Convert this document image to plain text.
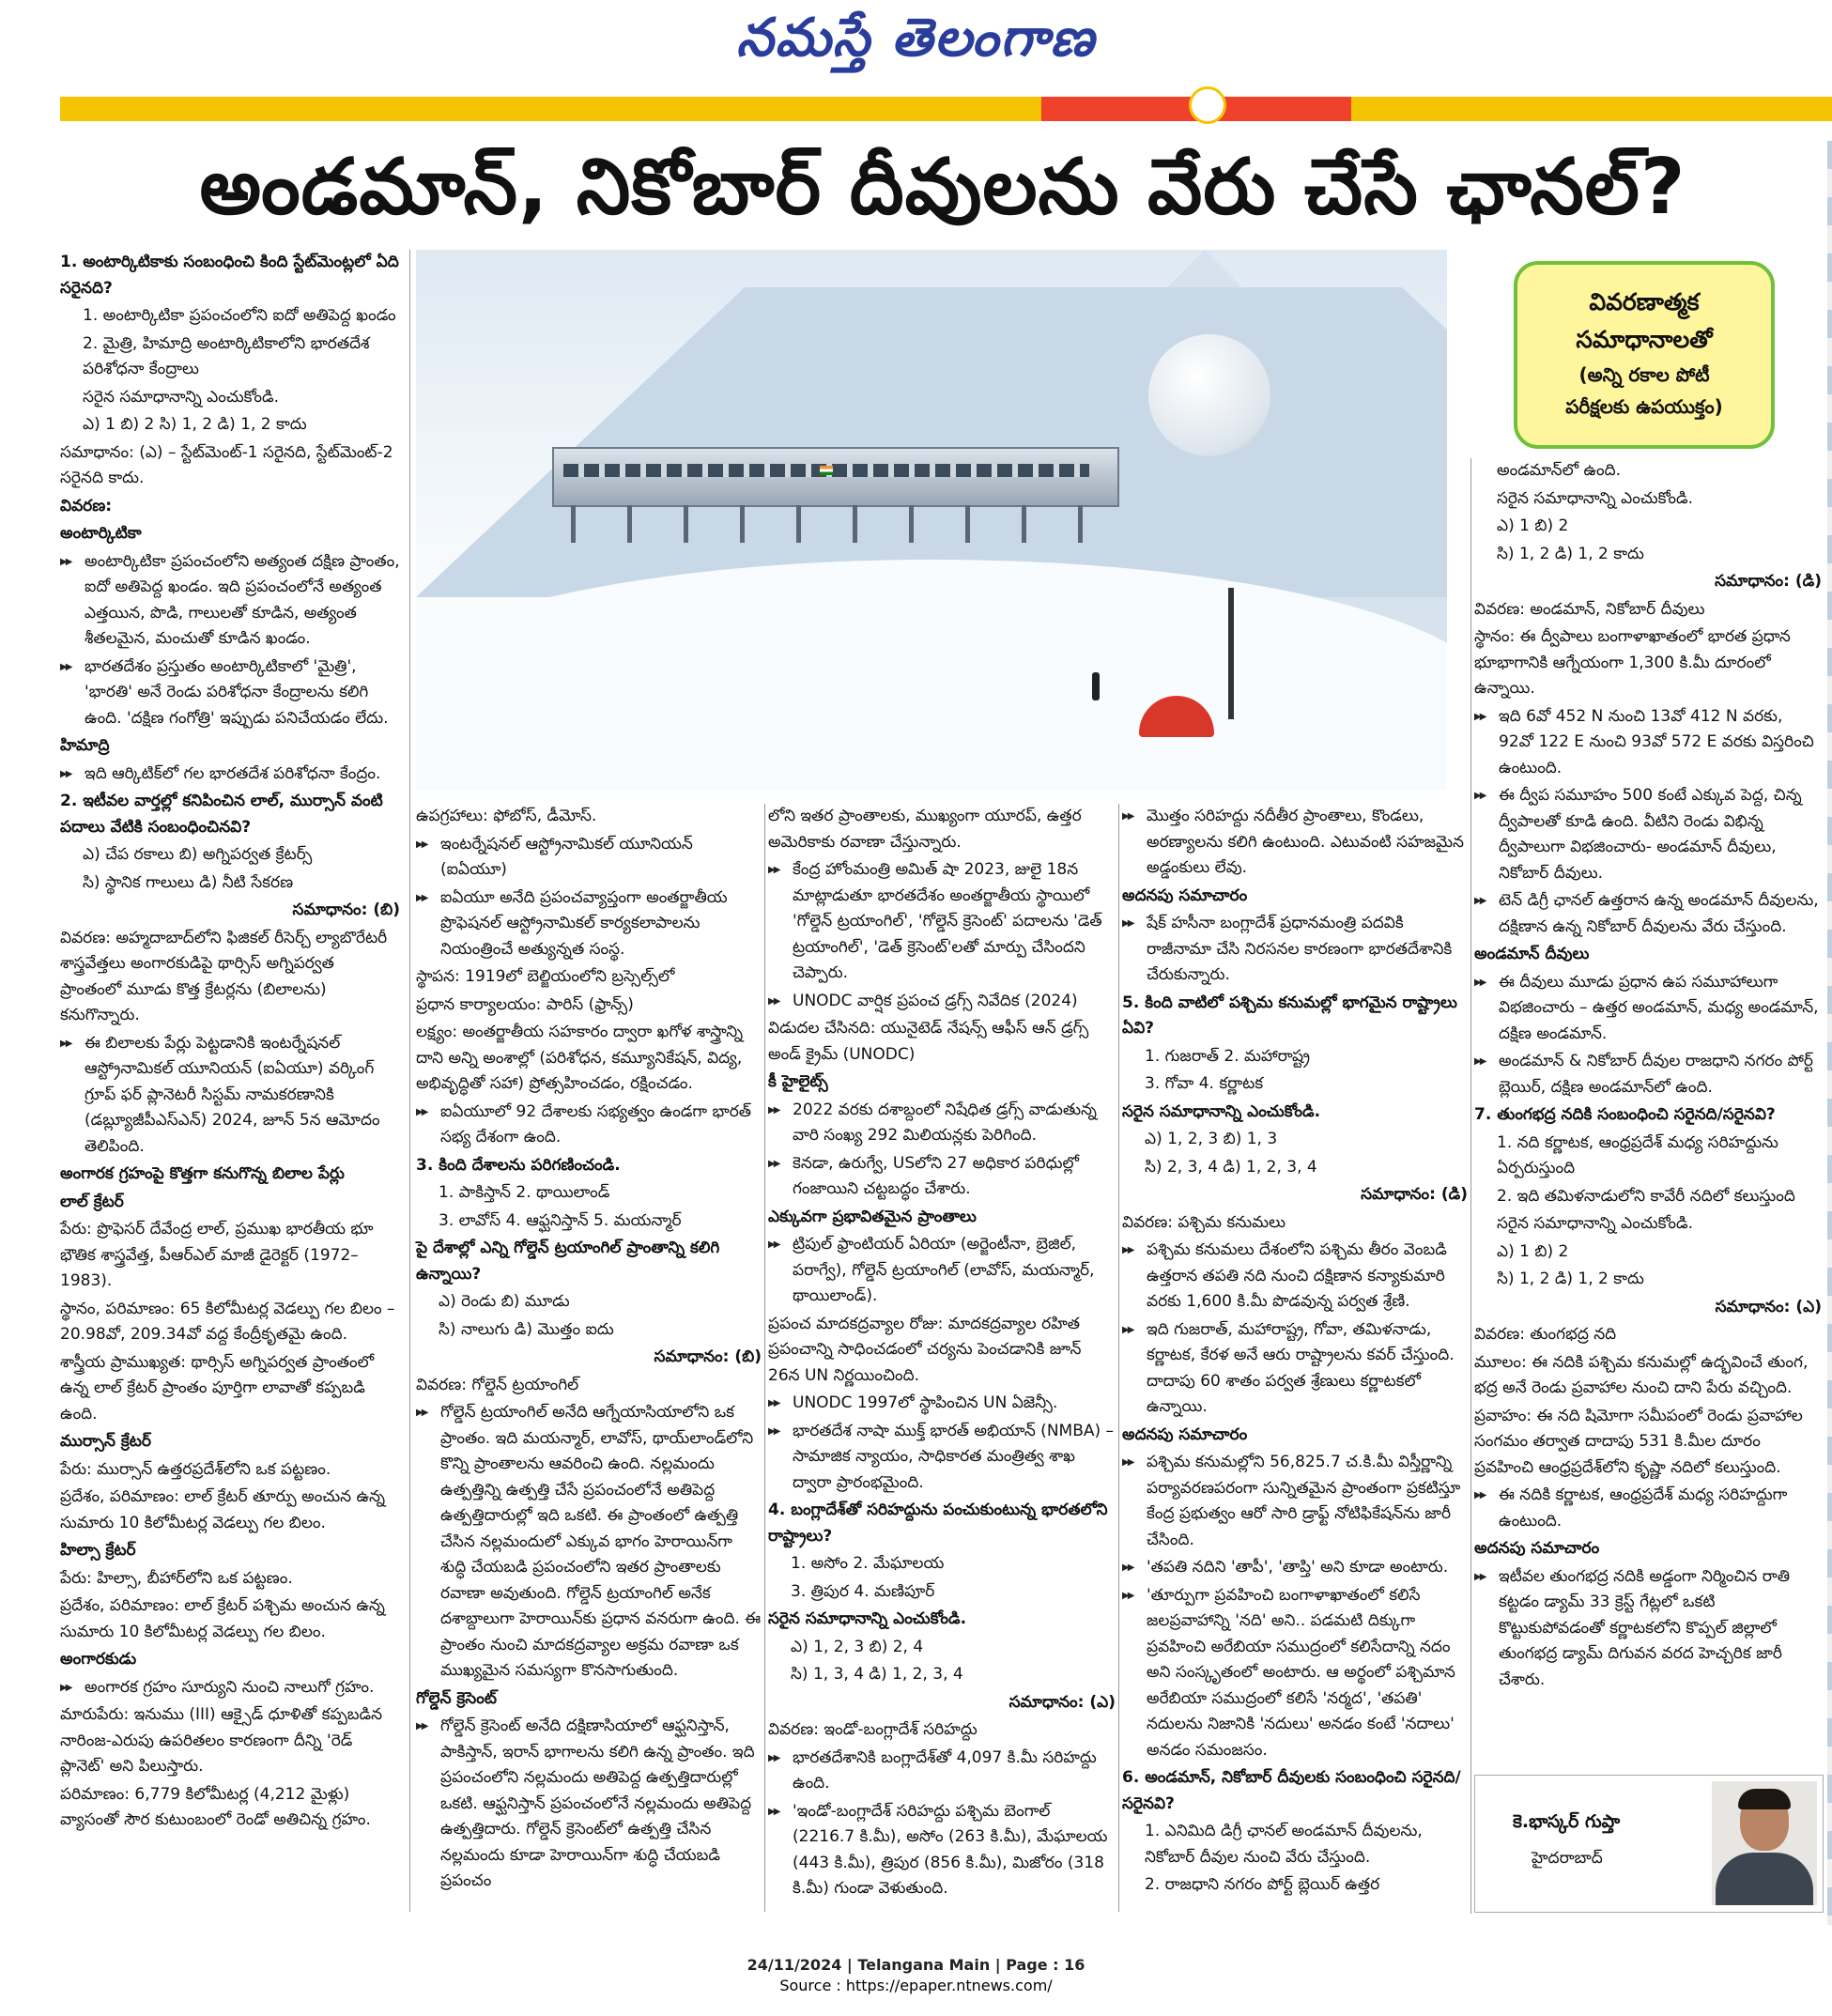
నమస్తే తెలంగాణ
అండమాన్, నికోబార్ దీవులను వేరు చేసే ఛానల్?

1. అంటార్కిటికాకు సంబంధించి కింది స్టేట్‌మెంట్లలో ఏది సరైనది?

1. అంటార్కిటికా ప్రపంచంలోని ఐదో అతిపెద్ద ఖండం

2. మైత్రి, హిమాద్రి అంటార్కిటికాలోని భారతదేశ పరిశోధనా కేంద్రాలు

సరైన సమాధానాన్ని ఎంచుకోండి.

ఎ) 1 బి) 2 సి) 1, 2 డి) 1, 2 కాదు

సమాధానం: (ఎ) – స్టేట్‌మెంట్-1 సరైనది, స్టేట్‌మెంట్-2 సరైనది కాదు.

వివరణ:

అంటార్కిటికా

▶▶ అంటార్కిటికా ప్రపంచంలోని అత్యంత దక్షిణ ప్రాంతం, ఐదో అతిపెద్ద ఖండం. ఇది ప్రపంచంలోనే అత్యంత ఎత్తయిన, పొడి, గాలులతో కూడిన, అత్యంత శీతలమైన, మంచుతో కూడిన ఖండం.

▶▶ భారతదేశం ప్రస్తుతం అంటార్కిటికాలో 'మైత్రి', 'భారతి' అనే రెండు పరిశోధనా కేంద్రాలను కలిగి ఉంది. 'దక్షిణ గంగోత్రి' ఇప్పుడు పనిచేయడం లేదు.

హిమాద్రి

▶▶ ఇది ఆర్కిటిక్‌లో గల భారతదేశ పరిశోధనా కేంద్రం.

2. ఇటీవల వార్తల్లో కనిపించిన లాల్, ముర్సాన్ వంటి పదాలు వేటికి సంబంధించినవి?

ఎ) చేప రకాలు బి) అగ్నిపర్వత క్రేటర్స్

సి) స్థానిక గాలులు డి) నీటి సేకరణ

సమాధానం: (బి)

వివరణ: అహ్మదాబాద్‌లోని ఫిజికల్ రీసెర్చ్ ల్యాబొరేటరీ శాస్త్రవేత్తలు అంగారకుడిపై థార్సిస్ అగ్నిపర్వత ప్రాంతంలో మూడు కొత్త క్రేటర్లను (బిలాలను) కనుగొన్నారు.

▶▶ ఈ బిలాలకు పేర్లు పెట్టడానికి ఇంటర్నేషనల్ ఆస్ట్రోనామికల్ యూనియన్ (ఐఏయూ) వర్కింగ్ గ్రూప్ ఫర్ ప్లానెటరీ సిస్టమ్ నామకరణానికి (డబ్ల్యూజీపీఎస్‌ఎన్) 2024, జూన్ 5న ఆమోదం తెలిపింది.

అంగారక గ్రహంపై కొత్తగా కనుగొన్న బిలాల పేర్లు

లాల్ క్రేటర్

పేరు: ప్రొఫెసర్ దేవేంద్ర లాల్, ప్రముఖ భారతీయ భూ భౌతిక శాస్త్రవేత్త, పీఆర్‌ఎల్ మాజీ డైరెక్టర్ (1972–1983).

స్థానం, పరిమాణం: 65 కిలోమీటర్ల వెడల్పు గల బిలం –20.98వో, 209.34వో వద్ద కేంద్రీకృతమై ఉంది.

శాస్త్రీయ ప్రాముఖ్యత: థార్సిస్ అగ్నిపర్వత ప్రాంతంలో ఉన్న లాల్ క్రేటర్ ప్రాంతం పూర్తిగా లావాతో కప్పబడి ఉంది.

ముర్సాన్ క్రేటర్

పేరు: ముర్సాన్ ఉత్తరప్రదేశ్‌లోని ఒక పట్టణం.

ప్రదేశం, పరిమాణం: లాల్ క్రేటర్ తూర్పు అంచున ఉన్న సుమారు 10 కిలోమీటర్ల వెడల్పు గల బిలం.

హిల్సా క్రేటర్

పేరు: హిల్సా, బీహార్‌లోని ఒక పట్టణం.

ప్రదేశం, పరిమాణం: లాల్ క్రేటర్ పశ్చిమ అంచున ఉన్న సుమారు 10 కిలోమీటర్ల వెడల్పు గల బిలం.

అంగారకుడు

▶▶ అంగారక గ్రహం సూర్యుని నుంచి నాలుగో గ్రహం.

మారుపేరు: ఇనుము (III) ఆక్సైడ్ ధూళితో కప్పబడిన నారింజ-ఎరుపు ఉపరితలం కారణంగా దీన్ని 'రెడ్ ప్లానెట్' అని పిలుస్తారు.

పరిమాణం: 6,779 కిలోమీటర్ల (4,212 మైళ్లు) వ్యాసంతో సౌర కుటుంబంలో రెండో అతిచిన్న గ్రహం.

వివరణాత్మక
సమాధానాలతో
(అన్ని రకాల పోటీ
పరీక్షలకు ఉపయుక్తం)

ఉపగ్రహాలు: ఫోబోస్, డీమోస్.

▶▶ ఇంటర్నేషనల్ ఆస్ట్రోనామికల్ యూనియన్ (ఐఏయూ)

▶▶ ఐఏయూ అనేది ప్రపంచవ్యాప్తంగా అంతర్జాతీయ ప్రొఫెషనల్ ఆస్ట్రోనామికల్ కార్యకలాపాలను నియంత్రించే అత్యున్నత సంస్థ.

స్థాపన: 1919లో బెల్జియంలోని బ్రస్సెల్స్‌లో

ప్రధాన కార్యాలయం: పారిస్ (ఫ్రాన్స్)

లక్ష్యం: అంతర్జాతీయ సహకారం ద్వారా ఖగోళ శాస్త్రాన్ని దాని అన్ని అంశాల్లో (పరిశోధన, కమ్యూనికేషన్, విద్య, అభివృద్ధితో సహా) ప్రోత్సహించడం, రక్షించడం.

▶▶ ఐఏయూలో 92 దేశాలకు సభ్యత్వం ఉండగా భారత్ సభ్య దేశంగా ఉంది.

3. కింది దేశాలను పరిగణించండి.

1. పాకిస్తాన్ 2. థాయిలాండ్

3. లావోస్ 4. ఆఫ్ఘనిస్తాన్ 5. మయన్మార్

పై దేశాల్లో ఎన్ని గోల్డెన్ ట్రయాంగిల్ ప్రాంతాన్ని కలిగి ఉన్నాయి?

ఎ) రెండు బి) మూడు

సి) నాలుగు డి) మొత్తం ఐదు

సమాధానం: (బి)

వివరణ: గోల్డెన్ ట్రయాంగిల్

▶▶ గోల్డెన్ ట్రయాంగిల్ అనేది ఆగ్నేయాసియాలోని ఒక ప్రాంతం. ఇది మయన్మార్, లావోస్, థాయ్‌లాండ్‌లోని కొన్ని ప్రాంతాలను ఆవరించి ఉంది. నల్లమందు ఉత్పత్తిన్ని ఉత్పత్తి చేసే ప్రపంచంలోనే అతిపెద్ద ఉత్పత్తిదారుల్లో ఇది ఒకటి. ఈ ప్రాంతంలో ఉత్పత్తి చేసిన నల్లమందులో ఎక్కువ భాగం హెరాయిన్‌గా శుద్ధి చేయబడి ప్రపంచంలోని ఇతర ప్రాంతాలకు రవాణా అవుతుంది. గోల్డెన్ ట్రయాంగిల్ అనేక దశాబ్దాలుగా హెరాయిన్‌కు ప్రధాన వనరుగా ఉంది. ఈ ప్రాంతం నుంచి మాదకద్రవ్యాల అక్రమ రవాణా ఒక ముఖ్యమైన సమస్యగా కొనసాగుతుంది.

గోల్డెన్ క్రెసెంట్

▶▶ గోల్డెన్ క్రెసెంట్ అనేది దక్షిణాసియాలో ఆఫ్ఘనిస్తాన్, పాకిస్తాన్, ఇరాన్ భాగాలను కలిగి ఉన్న ప్రాంతం. ఇది ప్రపంచంలోని నల్లమందు అతిపెద్ద ఉత్పత్తిదారుల్లో ఒకటి. ఆఫ్ఘనిస్తాన్ ప్రపంచంలోనే నల్లమందు అతిపెద్ద ఉత్పత్తిదారు. గోల్డెన్ క్రెసెంట్‌లో ఉత్పత్తి చేసిన నల్లమందు కూడా హెరాయిన్‌గా శుద్ధి చేయబడి ప్రపంచం

లోని ఇతర ప్రాంతాలకు, ముఖ్యంగా యూరప్, ఉత్తర అమెరికాకు రవాణా చేస్తున్నారు.

▶▶ కేంద్ర హోంమంత్రి అమిత్ షా 2023, జులై 18న మాట్లాడుతూ భారతదేశం అంతర్జాతీయ స్థాయిలో 'గోల్డెన్ ట్రయాంగిల్', 'గోల్డెన్ క్రెసెంట్' పదాలను 'డెత్ ట్రయాంగిల్', 'డెత్ క్రెసెంట్'లతో మార్పు చేసిందని చెప్పారు.

▶▶ UNODC వార్షిక ప్రపంచ డ్రగ్స్ నివేదిక (2024)

విడుదల చేసినది: యునైటెడ్ నేషన్స్ ఆఫీస్ ఆన్ డ్రగ్స్ అండ్ క్రైమ్ (UNODC)

కీ హైలైట్స్

▶▶ 2022 వరకు దశాబ్దంలో నిషేధిత డ్రగ్స్ వాడుతున్న వారి సంఖ్య 292 మిలియన్లకు పెరిగింది.

▶▶ కెనడా, ఉరుగ్వే, USలోని 27 అధికార పరిధుల్లో గంజాయిని చట్టబద్ధం చేశారు.

ఎక్కువగా ప్రభావితమైన ప్రాంతాలు

▶▶ ట్రిపుల్ ఫ్రాంటియర్ ఏరియా (అర్జెంటీనా, బ్రెజిల్, పరాగ్వే), గోల్డెన్ ట్రయాంగిల్ (లావోస్, మయన్మార్, థాయిలాండ్).

ప్రపంచ మాదకద్రవ్యాల రోజు: మాదకద్రవ్యాల రహిత ప్రపంచాన్ని సాధించడంలో చర్యను పెంచడానికి జూన్ 26న UN నిర్ణయించింది.

▶▶ UNODC 1997లో స్థాపించిన UN ఏజెన్సీ.

▶▶ భారతదేశ నాషా ముక్త్ భారత్ అభియాన్ (NMBA) – సామాజిక న్యాయం, సాధికారత మంత్రిత్వ శాఖ ద్వారా ప్రారంభమైంది.

4. బంగ్లాదేశ్‌తో సరిహద్దును పంచుకుంటున్న భారతలోని రాష్ట్రాలు?

1. అసోం 2. మేఘాలయ

3. త్రిపుర 4. మణిపూర్

సరైన సమాధానాన్ని ఎంచుకోండి.

ఎ) 1, 2, 3 బి) 2, 4

సి) 1, 3, 4 డి) 1, 2, 3, 4

సమాధానం: (ఎ)

వివరణ: ఇండో-బంగ్లాదేశ్ సరిహద్దు

▶▶ భారతదేశానికి బంగ్లాదేశ్‌తో 4,097 కి.మీ సరిహద్దు ఉంది.

▶▶ 'ఇండో-బంగ్లాదేశ్ సరిహద్దు పశ్చిమ బెంగాల్ (2216.7 కి.మీ), అసోం (263 కి.మీ), మేఘాలయ (443 కి.మీ), త్రిపుర (856 కి.మీ), మిజోరం (318 కి.మీ) గుండా వెళుతుంది.

▶▶ మొత్తం సరిహద్దు నదీతీర ప్రాంతాలు, కొండలు, అరణ్యాలను కలిగి ఉంటుంది. ఎటువంటి సహజమైన అడ్డంకులు లేవు.

అదనపు సమాచారం

▶▶ షేక్ హసీనా బంగ్లాదేశ్ ప్రధానమంత్రి పదవికి రాజీనామా చేసి నిరసనల కారణంగా భారతదేశానికి చేరుకున్నారు.

5. కింది వాటిలో పశ్చిమ కనుమల్లో భాగమైన రాష్ట్రాలు ఏవి?

1. గుజరాత్ 2. మహారాష్ట్ర

3. గోవా 4. కర్ణాటక

సరైన సమాధానాన్ని ఎంచుకోండి.

ఎ) 1, 2, 3 బి) 1, 3

సి) 2, 3, 4 డి) 1, 2, 3, 4

సమాధానం: (డి)

వివరణ: పశ్చిమ కనుమలు

▶▶ పశ్చిమ కనుమలు దేశంలోని పశ్చిమ తీరం వెంబడి ఉత్తరాన తపతి నది నుంచి దక్షిణాన కన్యాకుమారి వరకు 1,600 కి.మీ పొడవున్న పర్వత శ్రేణి.

▶▶ ఇది గుజరాత్, మహారాష్ట్ర, గోవా, తమిళనాడు, కర్ణాటక, కేరళ అనే ఆరు రాష్ట్రాలను కవర్ చేస్తుంది. దాదాపు 60 శాతం పర్వత శ్రేణులు కర్ణాటకలో ఉన్నాయి.

అదనపు సమాచారం

▶▶ పశ్చిమ కనుమల్లోని 56,825.7 చ.కి.మీ విస్తీర్ణాన్ని పర్యావరణపరంగా సున్నితమైన ప్రాంతంగా ప్రకటిస్తూ కేంద్ర ప్రభుత్వం ఆరో సారి డ్రాఫ్ట్ నోటిఫికేషన్‌ను జారీ చేసింది.

▶▶ 'తపతి నదిని 'తాపీ', 'తాప్తి' అని కూడా అంటారు.

▶▶ 'తూర్పుగా ప్రవహించి బంగాళాఖాతంలో కలిసే జలప్రవాహాన్ని 'నది' అని.. పడమటి దిక్కుగా ప్రవహించి అరేబియా సముద్రంలో కలిసేదాన్ని నదం అని సంస్కృతంలో అంటారు. ఆ అర్థంలో పశ్చిమాన అరేబియా సముద్రంలో కలిసే 'నర్మద', 'తపతి' నదులను నిజానికి 'నదులు' అనడం కంటే 'నదాలు' అనడం సమంజసం.

6. అండమాన్, నికోబార్ దీవులకు సంబంధించి సరైనది/సరైనవి?

1. ఎనిమిది డిగ్రీ ఛానల్ అండమాన్ దీవులను, నికోబార్ దీవుల నుంచి వేరు చేస్తుంది.

2. రాజధాని నగరం పోర్ట్ బ్లెయిర్ ఉత్తర

అండమాన్‌లో ఉంది.

సరైన సమాధానాన్ని ఎంచుకోండి.

ఎ) 1 బి) 2

సి) 1, 2 డి) 1, 2 కాదు

సమాధానం: (డి)

వివరణ: అండమాన్, నికోబార్ దీవులు

స్థానం: ఈ ద్వీపాలు బంగాళాఖాతంలో భారత ప్రధాన భూభాగానికి ఆగ్నేయంగా 1,300 కి.మీ దూరంలో ఉన్నాయి.

▶▶ ఇది 6వో 452 N నుంచి 13వో 412 N వరకు, 92వో 122 E నుంచి 93వో 572 E వరకు విస్తరించి ఉంటుంది.

▶▶ ఈ ద్వీప సమూహం 500 కంటే ఎక్కువ పెద్ద, చిన్న ద్వీపాలతో కూడి ఉంది. వీటిని రెండు విభిన్న ద్వీపాలుగా విభజించారు- అండమాన్ దీవులు, నికోబార్ దీవులు.

▶▶ టెన్ డిగ్రీ ఛానల్ ఉత్తరాన ఉన్న అండమాన్ దీవులను, దక్షిణాన ఉన్న నికోబార్ దీవులను వేరు చేస్తుంది.

అండమాన్ దీవులు

▶▶ ఈ దీవులు మూడు ప్రధాన ఉప సమూహాలుగా విభజించారు – ఉత్తర అండమాన్, మధ్య అండమాన్, దక్షిణ అండమాన్.

▶▶ అండమాన్ & నికోబార్ దీవుల రాజధాని నగరం పోర్ట్ బ్లెయిర్, దక్షిణ అండమాన్‌లో ఉంది.

7. తుంగభద్ర నదికి సంబంధించి సరైనది/సరైనవి?

1. నది కర్ణాటక, ఆంధ్రప్రదేశ్ మధ్య సరిహద్దును ఏర్పరుస్తుంది

2. ఇది తమిళనాడులోని కావేరీ నదిలో కలుస్తుంది

సరైన సమాధానాన్ని ఎంచుకోండి.

ఎ) 1 బి) 2

సి) 1, 2 డి) 1, 2 కాదు

సమాధానం: (ఎ)

వివరణ: తుంగభద్ర నది

మూలం: ఈ నదికి పశ్చిమ కనుమల్లో ఉద్భవించే తుంగ, భద్ర అనే రెండు ప్రవాహాల నుంచి దాని పేరు వచ్చింది.

ప్రవాహం: ఈ నది షిమోగా సమీపంలో రెండు ప్రవాహాల సంగమం తర్వాత దాదాపు 531 కి.మీల దూరం ప్రవహించి ఆంధ్రప్రదేశ్‌లోని కృష్ణా నదిలో కలుస్తుంది.

▶▶ ఈ నదికి కర్ణాటక, ఆంధ్రప్రదేశ్ మధ్య సరిహద్దుగా ఉంటుంది.

అదనపు సమాచారం

▶▶ ఇటీవల తుంగభద్ర నదికి అడ్డంగా నిర్మించిన రాతి కట్టడం డ్యామ్ 33 క్రెస్ట్ గేట్లలో ఒకటి కొట్టుకుపోవడంతో కర్ణాటకలోని కొప్పల్ జిల్లాలో తుంగభద్ర డ్యామ్ దిగువన వరద హెచ్చరిక జారీ చేశారు.

కె.భాస్కర్ గుప్తా
హైదరాబాద్
24/11/2024 | Telangana Main | Page : 16
Source : https://epaper.ntnews.com/
